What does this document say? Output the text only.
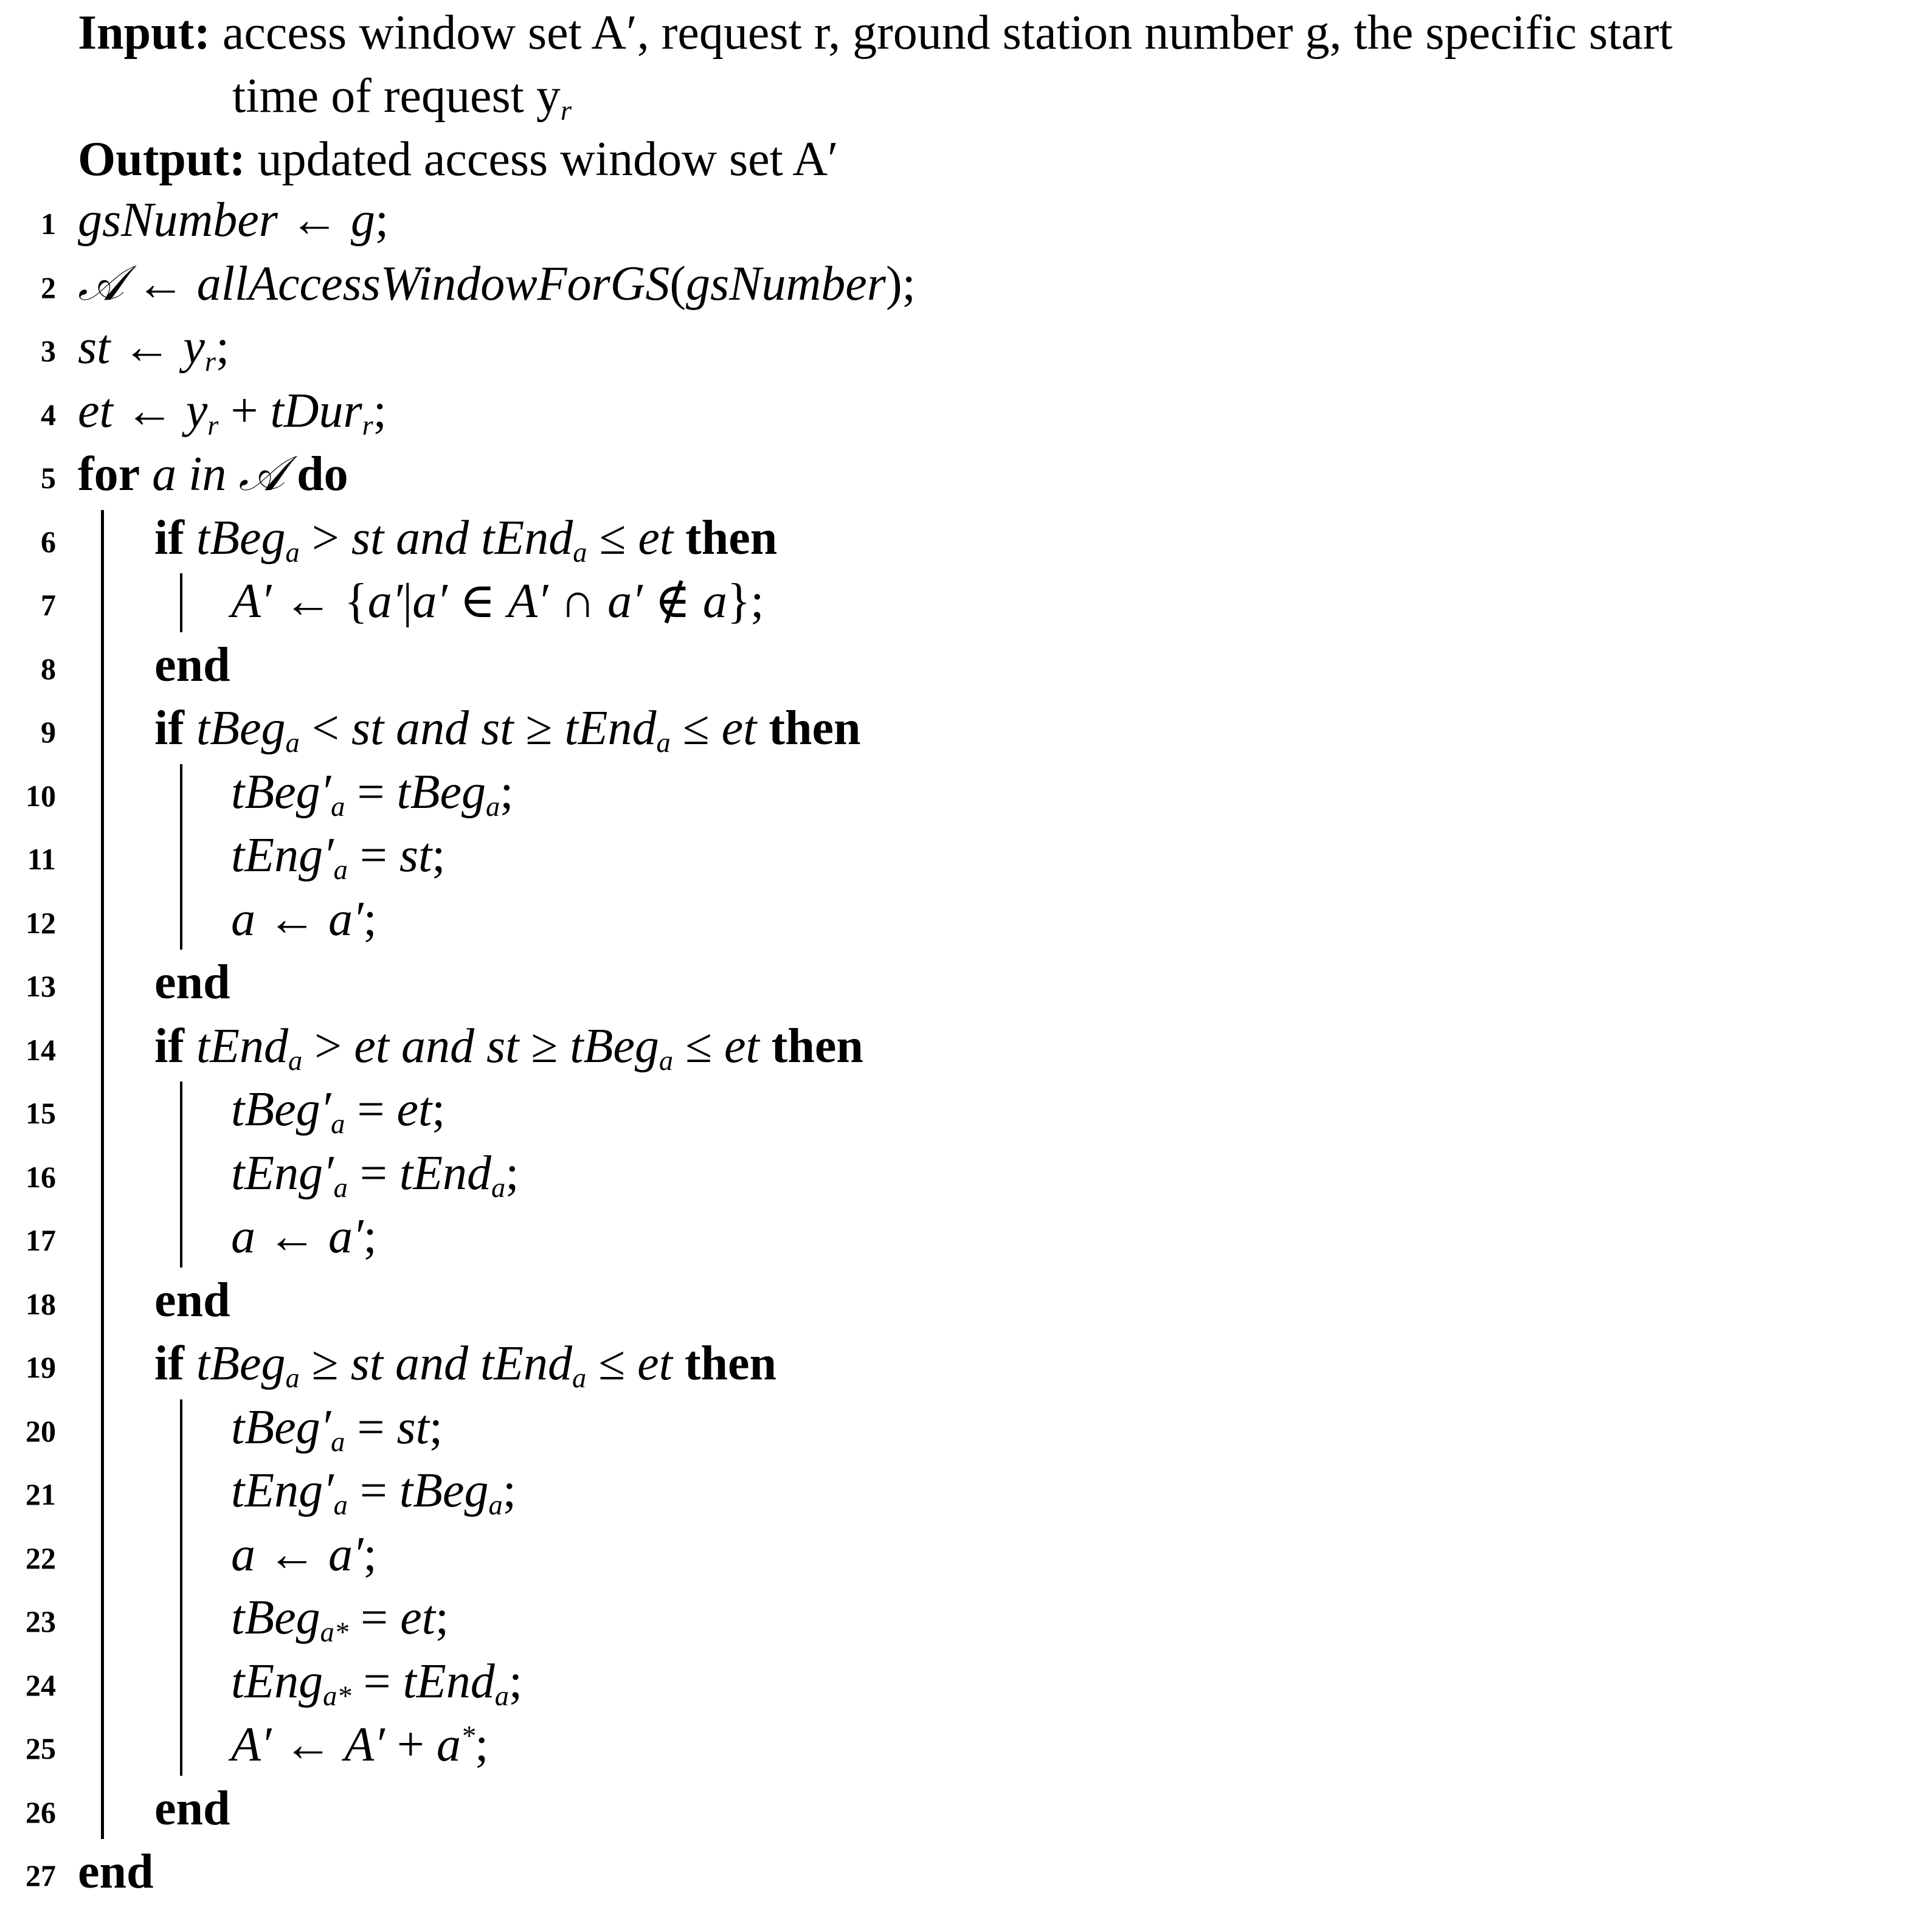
Input: access window set A′, request r, ground station number g, the specific start
time of request $y_r$
Output: updated access window set A′
1 gsNumber ← g;
2 𝒜 ← allAccessWindowForGS(gsNumber);
3 st ← $y_r$;
4 et ← $y_r$ + tDur$_r$;
5 for a in 𝒜 do
6 if tBeg$_a$ > st and tEnd$_a$ ≤ et then
7	A′ ← {a′|a′ ∈ A′ ∩ a′ ∉ a};
8 end
9 if tBeg$_a$ < st and st ≥ tEnd$_a$ ≤ et then
10	$tBeg'_a$ = tBeg$_a$;
11	$tEng'_a$ = st;
12	a ← a′;
13 end
14 if tEnd$_a$ > et and st ≥ tBeg$_a$ ≤ et then
15	$tBeg'_a$ = et;
16	$tEng'_a$ = tEnd$_a$;
17	a ← a′;
18 end
19 if tBeg$_a$ ≥ st and tEnd$_a$ ≤ et then
20	$tBeg'_a$ = st;
21	$tEng'_a$ = tBeg$_a$;
22	a ← a′;
23	tBeg$_{a*}$ = et;
24	tEng$_{a*}$ = tEnd$_a$;
25	A′ ← A′ + a*;
26 end
27 end
